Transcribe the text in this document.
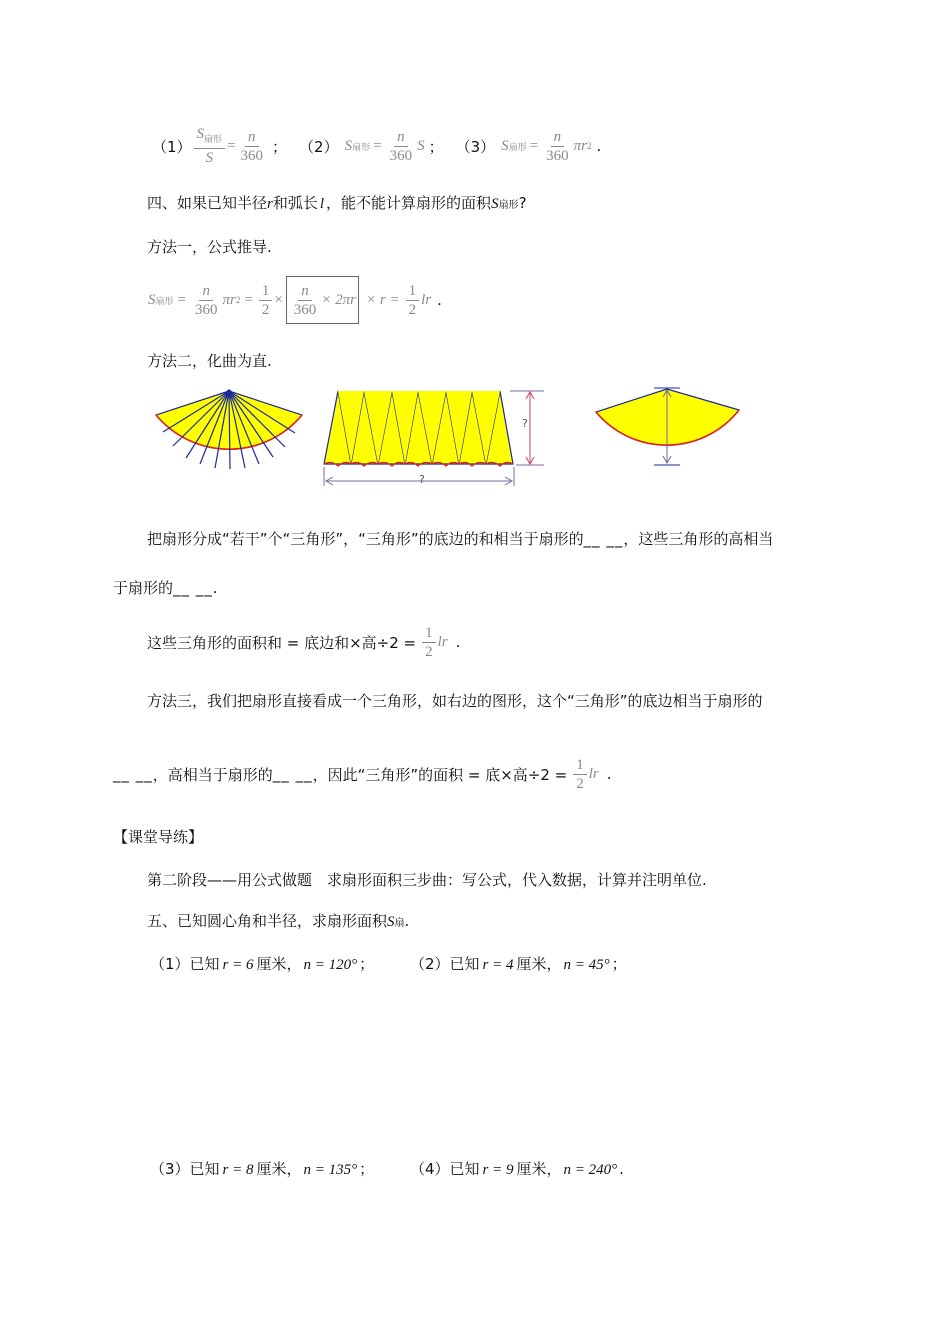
$(1) \frac{S_{扇形}}{S} = \frac{n}{360}$ ； （2） S 扇形 = $\frac{n}{360}$ S ； （3） S 扇形 = $\frac{n}{360}$ πr 2 .
四、如果已知半径r和弧长 l ，能不能计算扇形的面积S扇形?
方法一，公式推导.
S 扇形 = $\frac{n}{360}$ πr $2 = \frac{1}{2} \times \frac{n}{360} \times 2\pi r \times r = \frac{1}{2}$ lr .
方法二，化曲为直.
?
?
把扇形分成“若干”个“三角形”，“三角形”的底边的和相当于扇形的__ __，这些三角形的高相当
于扇形的__ __.
这些三角形的面积和 = 底边和×高$\div 2 = \frac{1}{2}$ lr .
方法三，我们把扇形直接看成一个三角形，如右边的图形，这个“三角形”的底边相当于扇形的
__ __ ，高相当于扇形的 __ __ ，因此“三角形”的面积 = 底×高$\div 2 = \frac{1}{2}$ lr .
【课堂导练】
第二阶段——用公式做题　求扇形面积三步曲：写公式，代入数据，计算并注明单位.
五、已知圆心角和半径，求扇形面积S扇.
（1）已知 r = 6 厘米， n = 120° ； （2）已知 r = 4 厘米， n = 45° ；
（3）已知 r = 8 厘米， n = 135° ； （4）已知 r = 9 厘米， n = 240° .
